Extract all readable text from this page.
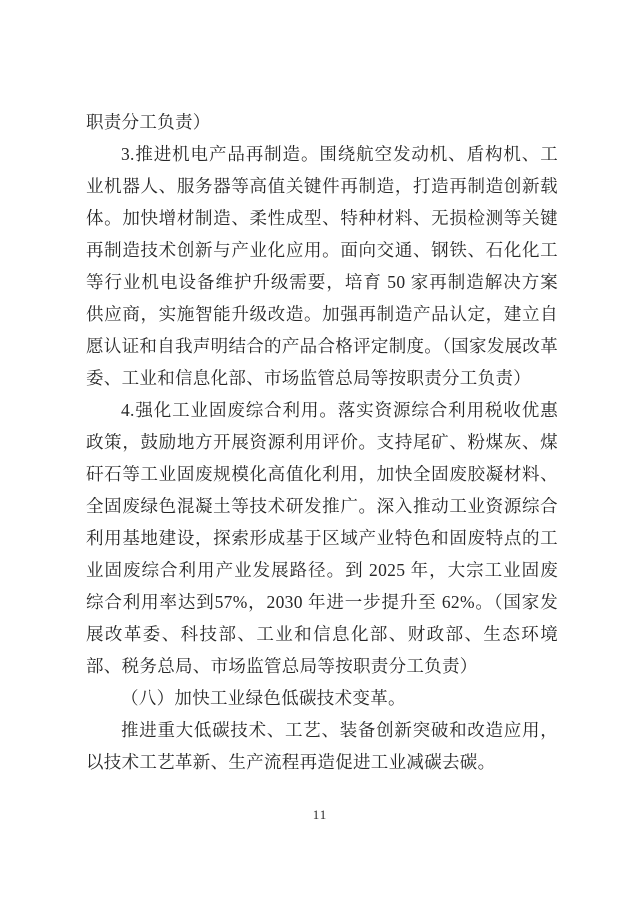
职责分工负责）

3.推进机电产品再制造。围绕航空发动机、盾构机、工业机器人、服务器等高值关键件再制造，打造再制造创新载体。加快增材制造、柔性成型、特种材料、无损检测等关键再制造技术创新与产业化应用。面向交通、钢铁、石化化工等行业机电设备维护升级需要，培育 50 家再制造解决方案供应商，实施智能升级改造。加强再制造产品认定，建立自愿认证和自我声明结合的产品合格评定制度。（国家发展改革委、工业和信息化部、市场监管总局等按职责分工负责）

4.强化工业固废综合利用。落实资源综合利用税收优惠政策，鼓励地方开展资源利用评价。支持尾矿、粉煤灰、煤矸石等工业固废规模化高值化利用，加快全固废胶凝材料、全固废绿色混凝土等技术研发推广。深入推动工业资源综合利用基地建设，探索形成基于区域产业特色和固废特点的工业固废综合利用产业发展路径。到 2025 年，大宗工业固废综合利用率达到57%，2030 年进一步提升至 62%。（国家发展改革委、科技部、工业和信息化部、财政部、生态环境部、税务总局、市场监管总局等按职责分工负责）

（八）加快工业绿色低碳技术变革。

推进重大低碳技术、工艺、装备创新突破和改造应用，以技术工艺革新、生产流程再造促进工业减碳去碳。

11
